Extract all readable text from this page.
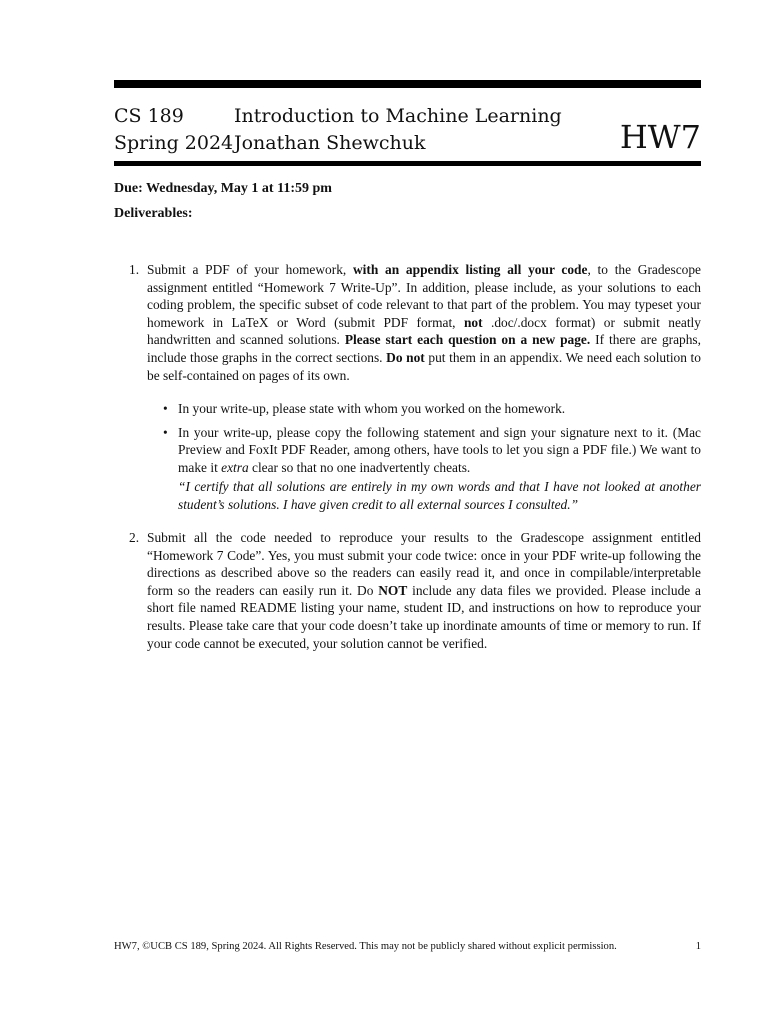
CS 189
Spring 2024
Introduction to Machine Learning
Jonathan Shewchuk	HW7
Due: Wednesday, May 1 at 11:59 pm
Deliverables:
1. Submit a PDF of your homework, with an appendix listing all your code, to the Gradescope assignment entitled “Homework 7 Write-Up”. In addition, please include, as your solutions to each coding problem, the specific subset of code relevant to that part of the problem. You may typeset your homework in LaTeX or Word (submit PDF format, not .doc/.docx format) or submit neatly handwritten and scanned solutions. Please start each question on a new page. If there are graphs, include those graphs in the correct sections. Do not put them in an appendix. We need each solution to be self-contained on pages of its own.
• In your write-up, please state with whom you worked on the homework.
• In your write-up, please copy the following statement and sign your signature next to it. (Mac Preview and FoxIt PDF Reader, among others, have tools to let you sign a PDF file.) We want to make it extra clear so that no one inadvertently cheats.
“I certify that all solutions are entirely in my own words and that I have not looked at another student’s solutions. I have given credit to all external sources I consulted.”
2. Submit all the code needed to reproduce your results to the Gradescope assignment entitled “Homework 7 Code”. Yes, you must submit your code twice: once in your PDF write-up following the directions as described above so the readers can easily read it, and once in compilable/interpretable form so the readers can easily run it. Do NOT include any data files we provided. Please include a short file named README listing your name, student ID, and instructions on how to reproduce your results. Please take care that your code doesn’t take up inordinate amounts of time or memory to run. If your code cannot be executed, your solution cannot be verified.
HW7, ©UCB CS 189, Spring 2024. All Rights Reserved. This may not be publicly shared without explicit permission.	1
